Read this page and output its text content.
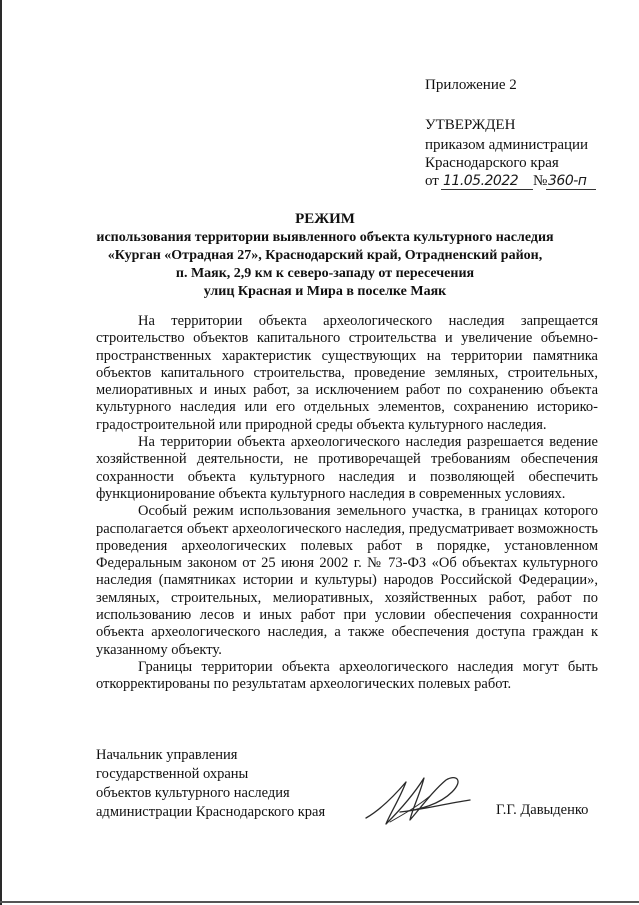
Приложение 2
УТВЕРЖДЕН
приказом администрации
Краснодарского края
от 11.05.2022 № 360-п
РЕЖИМ
использования территории выявленного объекта культурного наследия
«Курган «Отрадная 27», Краснодарский край, Отрадненский район,
п. Маяк, 2,9 км к северо-западу от пересечения
улиц Красная и Мира в поселке Маяк

На территории объекта археологического наследия запрещается строительство объектов капитального строительства и увеличение объемно-пространственных характеристик существующих на территории памятника объектов капитального строительства, проведение земляных, строительных, мелиоративных и иных работ, за исключением работ по сохранению объекта культурного наследия или его отдельных элементов, сохранению историко-градостроительной или природной среды объекта культурного наследия.

На территории объекта археологического наследия разрешается ведение хозяйственной деятельности, не противоречащей требованиям обеспечения сохранности объекта культурного наследия и позволяющей обеспечить функционирование объекта культурного наследия в современных условиях.

Особый режим использования земельного участка, в границах которого располагается объект археологического наследия, предусматривает возможность проведения археологических полевых работ в порядке, установленном Федеральным законом от 25 июня 2002 г. № 73-ФЗ «Об объектах культурного наследия (памятниках истории и культуры) народов Российской Федерации», земляных, строительных, мелиоративных, хозяйственных работ, работ по использованию лесов и иных работ при условии обеспечения сохранности объекта археологического наследия, а также обеспечения доступа граждан к указанному объекту.

Границы территории объекта археологического наследия могут быть откорректированы по результатам археологических полевых работ.

Начальник управления
государственной охраны
объектов культурного наследия
администрации Краснодарского края	Г.Г. Давыденко
